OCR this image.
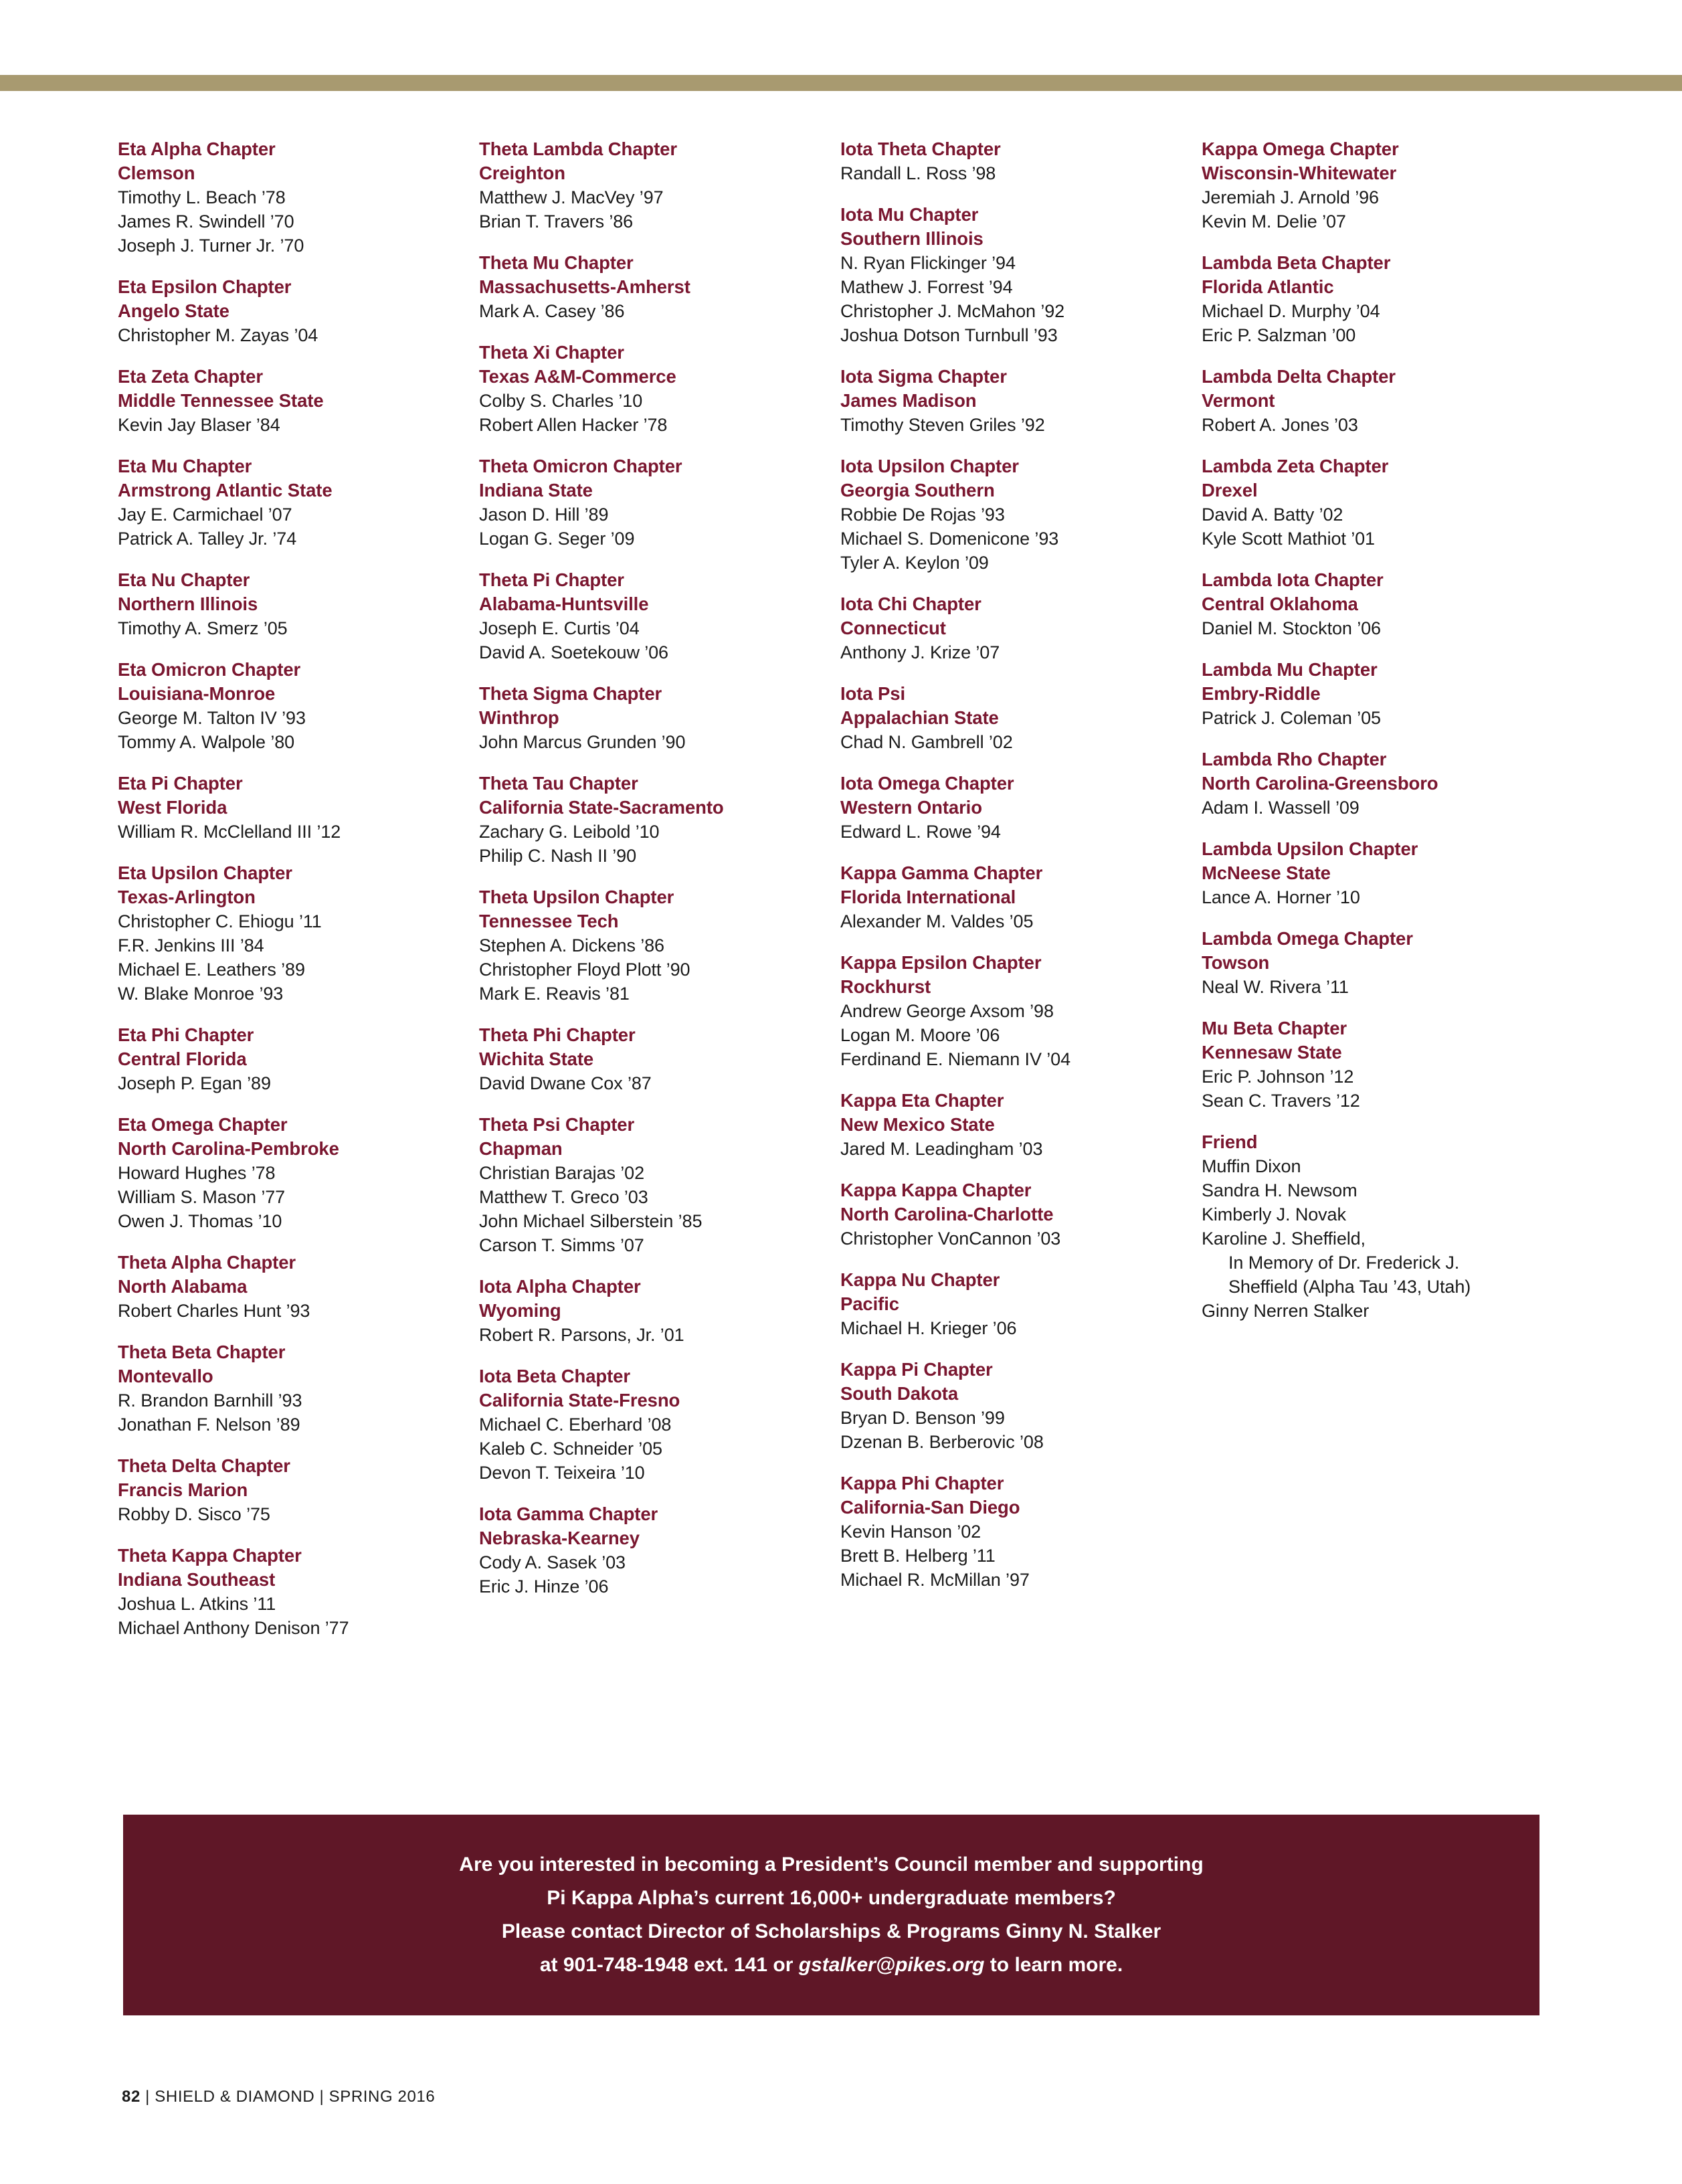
Eta Alpha Chapter
Clemson
Timothy L. Beach ’78
James R. Swindell ’70
Joseph J. Turner Jr. ’70
Eta Epsilon Chapter
Angelo State
Christopher M. Zayas ’04
Eta Zeta Chapter
Middle Tennessee State
Kevin Jay Blaser ’84
Eta Mu Chapter
Armstrong Atlantic State
Jay E. Carmichael ’07
Patrick A. Talley Jr. ’74
Eta Nu Chapter
Northern Illinois
Timothy A. Smerz ’05
Eta Omicron Chapter
Louisiana-Monroe
George M. Talton IV ’93
Tommy A. Walpole ’80
Eta Pi Chapter
West Florida
William R. McClelland III ’12
Eta Upsilon Chapter
Texas-Arlington
Christopher C. Ehiogu ’11
F.R. Jenkins III ’84
Michael E. Leathers ’89
W. Blake Monroe ’93
Eta Phi Chapter
Central Florida
Joseph P. Egan ’89
Eta Omega Chapter
North Carolina-Pembroke
Howard Hughes ’78
William S. Mason ’77
Owen J. Thomas ’10
Theta Alpha Chapter
North Alabama
Robert Charles Hunt ’93
Theta Beta Chapter
Montevallo
R. Brandon Barnhill ’93
Jonathan F. Nelson ’89
Theta Delta Chapter
Francis Marion
Robby D. Sisco ’75
Theta Kappa Chapter
Indiana Southeast
Joshua L. Atkins ’11
Michael Anthony Denison ’77
Theta Lambda Chapter
Creighton
Matthew J. MacVey ’97
Brian T. Travers ’86
Theta Mu Chapter
Massachusetts-Amherst
Mark A. Casey ’86
Theta Xi Chapter
Texas A&M-Commerce
Colby S. Charles ’10
Robert Allen Hacker ’78
Theta Omicron Chapter
Indiana State
Jason D. Hill ’89
Logan G. Seger ’09
Theta Pi Chapter
Alabama-Huntsville
Joseph E. Curtis ’04
David A. Soetekouw ’06
Theta Sigma Chapter
Winthrop
John Marcus Grunden ’90
Theta Tau Chapter
California State-Sacramento
Zachary G. Leibold ’10
Philip C. Nash II ’90
Theta Upsilon Chapter
Tennessee Tech
Stephen A. Dickens ’86
Christopher Floyd Plott ’90
Mark E. Reavis ’81
Theta Phi Chapter
Wichita State
David Dwane Cox ’87
Theta Psi Chapter
Chapman
Christian Barajas ’02
Matthew T. Greco ’03
John Michael Silberstein ’85
Carson T. Simms ’07
Iota Alpha Chapter
Wyoming
Robert R. Parsons, Jr. ’01
Iota Beta Chapter
California State-Fresno
Michael C. Eberhard ’08
Kaleb C. Schneider ’05
Devon T. Teixeira ’10
Iota Gamma Chapter
Nebraska-Kearney
Cody A. Sasek ’03
Eric J. Hinze ’06
Iota Theta Chapter
Randall L. Ross ’98
Iota Mu Chapter
Southern Illinois
N. Ryan Flickinger ’94
Mathew J. Forrest ’94
Christopher J. McMahon ’92
Joshua Dotson Turnbull ’93
Iota Sigma Chapter
James Madison
Timothy Steven Griles ’92
Iota Upsilon Chapter
Georgia Southern
Robbie De Rojas ’93
Michael S. Domenicone ’93
Tyler A. Keylon ’09
Iota Chi Chapter
Connecticut
Anthony J. Krize ’07
Iota Psi
Appalachian State
Chad N. Gambrell ’02
Iota Omega Chapter
Western Ontario
Edward L. Rowe ’94
Kappa Gamma Chapter
Florida International
Alexander M. Valdes ’05
Kappa Epsilon Chapter
Rockhurst
Andrew George Axsom ’98
Logan M. Moore ’06
Ferdinand E. Niemann IV ’04
Kappa Eta Chapter
New Mexico State
Jared M. Leadingham ’03
Kappa Kappa Chapter
North Carolina-Charlotte
Christopher VonCannon ’03
Kappa Nu Chapter
Pacific
Michael H. Krieger ’06
Kappa Pi Chapter
South Dakota
Bryan D. Benson ’99
Dzenan B. Berberovic ’08
Kappa Phi Chapter
California-San Diego
Kevin Hanson ’02
Brett B. Helberg ’11
Michael R. McMillan ’97
Kappa Omega Chapter
Wisconsin-Whitewater
Jeremiah J. Arnold ’96
Kevin M. Delie ’07
Lambda Beta Chapter
Florida Atlantic
Michael D. Murphy ’04
Eric P. Salzman ’00
Lambda Delta Chapter
Vermont
Robert A. Jones ’03
Lambda Zeta Chapter
Drexel
David A. Batty ’02
Kyle Scott Mathiot ’01
Lambda Iota Chapter
Central Oklahoma
Daniel M. Stockton ’06
Lambda Mu Chapter
Embry-Riddle
Patrick J. Coleman ’05
Lambda Rho Chapter
North Carolina-Greensboro
Adam I. Wassell ’09
Lambda Upsilon Chapter
McNeese State
Lance A. Horner ’10
Lambda Omega Chapter
Towson
Neal W. Rivera ’11
Mu Beta Chapter
Kennesaw State
Eric P. Johnson ’12
Sean C. Travers ’12
Friend
Muffin Dixon
Sandra H. Newsom
Kimberly J. Novak
Karoline J. Sheffield,
In Memory of Dr. Frederick J.
Sheffield (Alpha Tau ’43, Utah)
Ginny Nerren Stalker
Are you interested in becoming a President’s Council member and supporting
Pi Kappa Alpha’s current 16,000+ undergraduate members?
Please contact Director of Scholarships & Programs Ginny N. Stalker
at 901-748-1948 ext. 141 or gstalker@pikes.org to learn more.
82 | SHIELD & DIAMOND | SPRING 2016
